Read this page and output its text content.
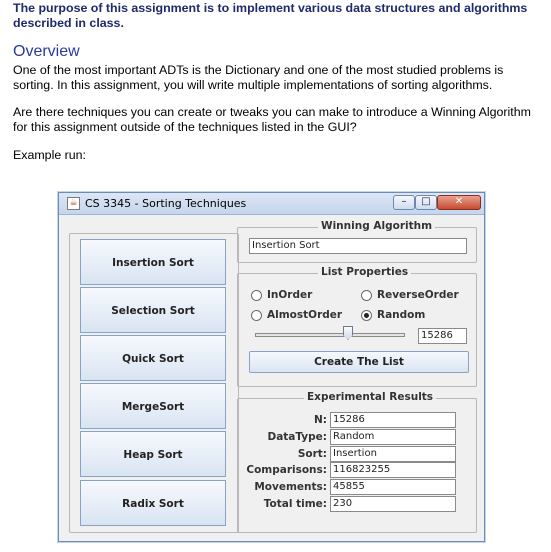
The purpose of this assignment is to implement various data structures and algorithms described in class.
Overview
One of the most important ADTs is the Dictionary and one of the most studied problems is sorting. In this assignment, you will write multiple implementations of sorting algorithms.
Are there techniques you can create or tweaks you can make to introduce a Winning Algorithm for this assignment outside of the techniques listed in the GUI?
Example run:
☕ CS 3345 - Sorting Techniques	–	□	✕
Insertion Sort
Selection Sort
Quick Sort
MergeSort
Heap Sort
Radix Sort
Winning Algorithm
Insertion Sort
List Properties
InOrder	ReverseOrder
AlmostOrder	Random
15286
Create The List
Experimental Results
N: 15286
DataType: Random
Sort: Insertion
Comparisons: 116823255
Movements: 45855
Total time: 230
